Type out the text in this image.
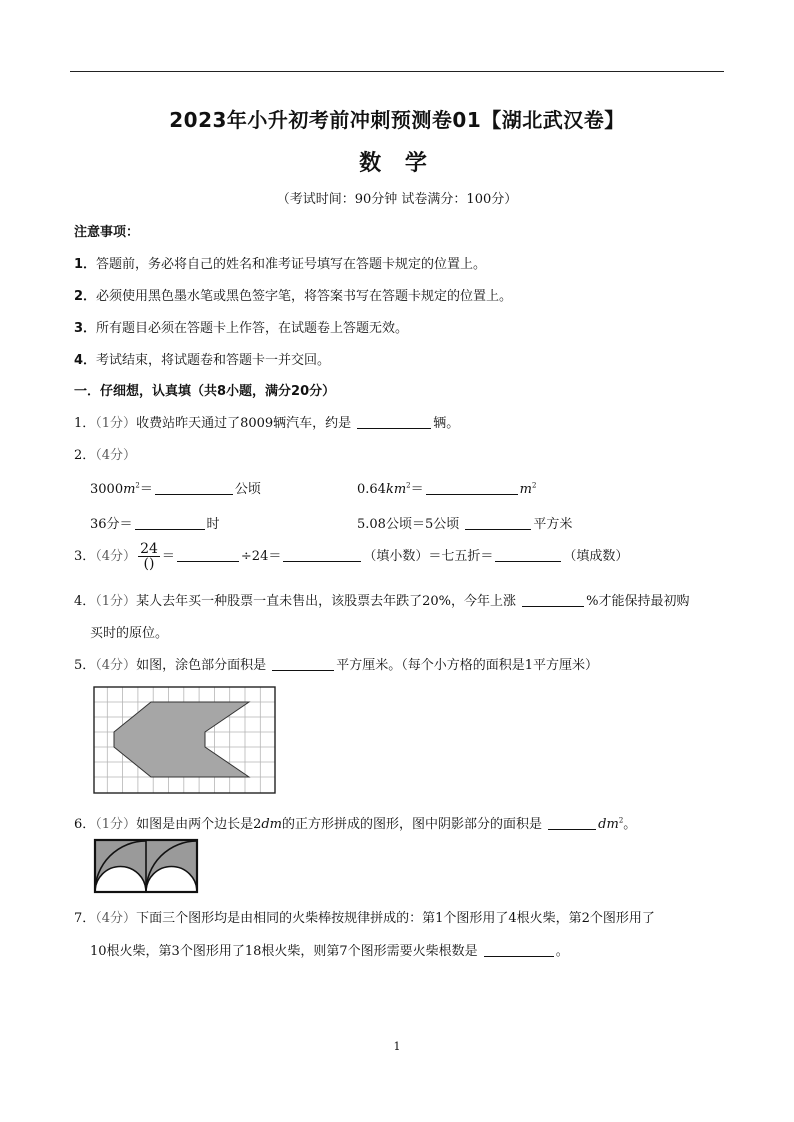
2023年小升初考前冲刺预测卷01【湖北武汉卷】
数 学
（考试时间：90分钟 试卷满分：100分）
注意事项：
1．答题前，务必将自己的姓名和准考证号填写在答题卡规定的位置上。
2．必须使用黑色墨水笔或黑色签字笔，将答案书写在答题卡规定的位置上。
3．所有题目必须在答题卡上作答，在试题卷上答题无效。
4．考试结束，将试题卷和答题卡一并交回。
一．仔细想，认真填（共8小题，满分20分）
1．（1分）收费站昨天通过了8009辆汽车，约是	辆。
2．（4分）
$3000m^2=$	公顷	$0.64km^2=$	$m^2$
36分＝	时	5.08公顷＝5公顷	平方米
3．（4分） $\frac{24}{()}$ ＝	÷24＝	（填小数）＝七五折＝	（填成数）
4．（1分）某人去年买一种股票一直未售出，该股票去年跌了20%，今年上涨	%才能保持最初购
买时的原位。
5．（4分）如图，涂色部分面积是	平方厘米。（每个小方格的面积是1平方厘米）
6．（1分）如图是由两个边长是2dm的正方形拼成的图形，图中阴影部分的面积是	$dm^2$。
7．（4分）下面三个图形均是由相同的火柴棒按规律拼成的：第1个图形用了4根火柴，第2个图形用了
10根火柴，第3个图形用了18根火柴，则第7个图形需要火柴根数是	。
1
